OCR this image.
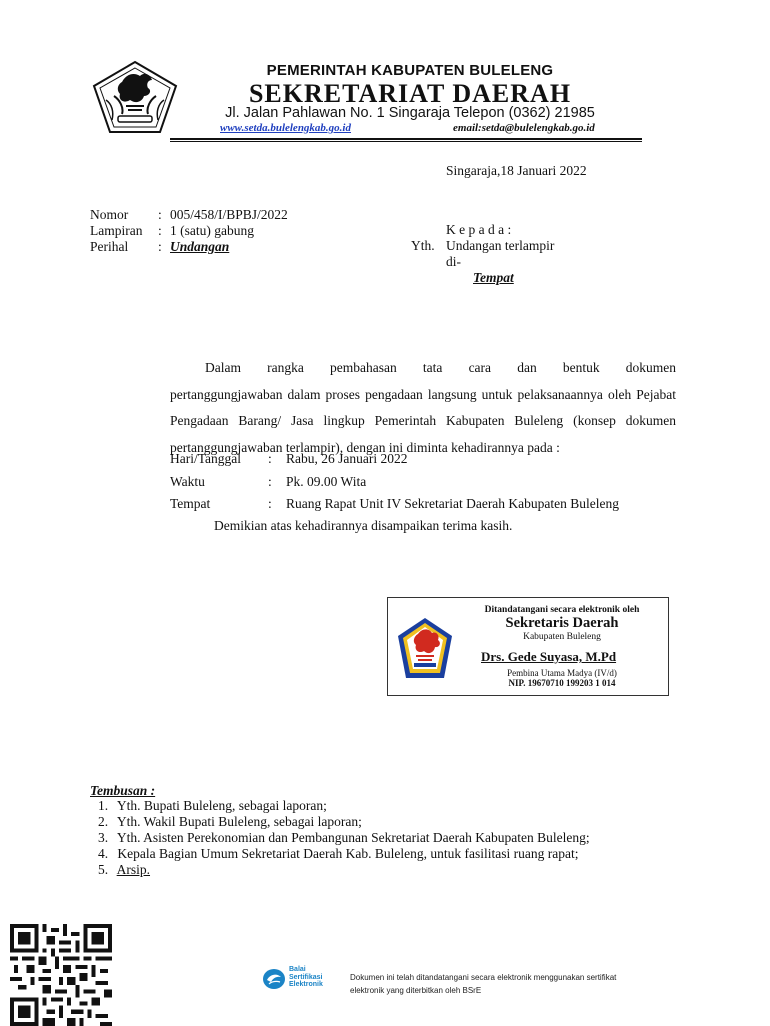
PEMERINTAH KABUPATEN BULELENG
SEKRETARIAT DAERAH
Jl. Jalan Pahlawan No. 1 Singaraja Telepon (0362) 21985
www.setda.bulelengkab.go.id	email:setda@bulelengkab.go.id
Singaraja,18 Januari 2022
Nomor	: 005/458/I/BPBJ/2022
Lampiran	: 1 (satu) gabung
Perihal	: Undangan
K e p a d a :
Yth. Undangan terlampir
di-
Tempat
Dalam rangka pembahasan tata cara dan bentuk dokumen
pertanggungjawaban dalam proses pengadaan langsung untuk pelaksanaannya oleh Pejabat Pengadaan Barang/ Jasa lingkup Pemerintah Kabupaten Buleleng (konsep dokumen pertanggungjawaban terlampir), dengan ini diminta kehadirannya pada :
Hari/Tanggal : Rabu, 26 Januari 2022
Waktu	: Pk. 09.00 Wita
Tempat	: Ruang Rapat Unit IV Sekretariat Daerah Kabupaten Buleleng
Demikian atas kehadirannya disampaikan terima kasih.
Ditandatangani secara elektronik oleh
Sekretaris Daerah
Kabupaten Buleleng
Drs. Gede Suyasa, M.Pd
Pembina Utama Madya (IV/d)
NIP. 19670710 199203 1 014
Tembusan :
1. Yth. Bupati Buleleng, sebagai laporan;
2. Yth. Wakil Bupati Buleleng, sebagai laporan;
3. Yth. Asisten Perekonomian dan Pembangunan Sekretariat Daerah Kabupaten Buleleng;
4. Kepala Bagian Umum Sekretariat Daerah Kab. Buleleng, untuk fasilitasi ruang rapat;
5. Arsip.
Balai
Sertifikasi
Elektronik
Dokumen ini telah ditandatangani secara elektronik menggunakan sertifikat
elektronik yang diterbitkan oleh BSrE
